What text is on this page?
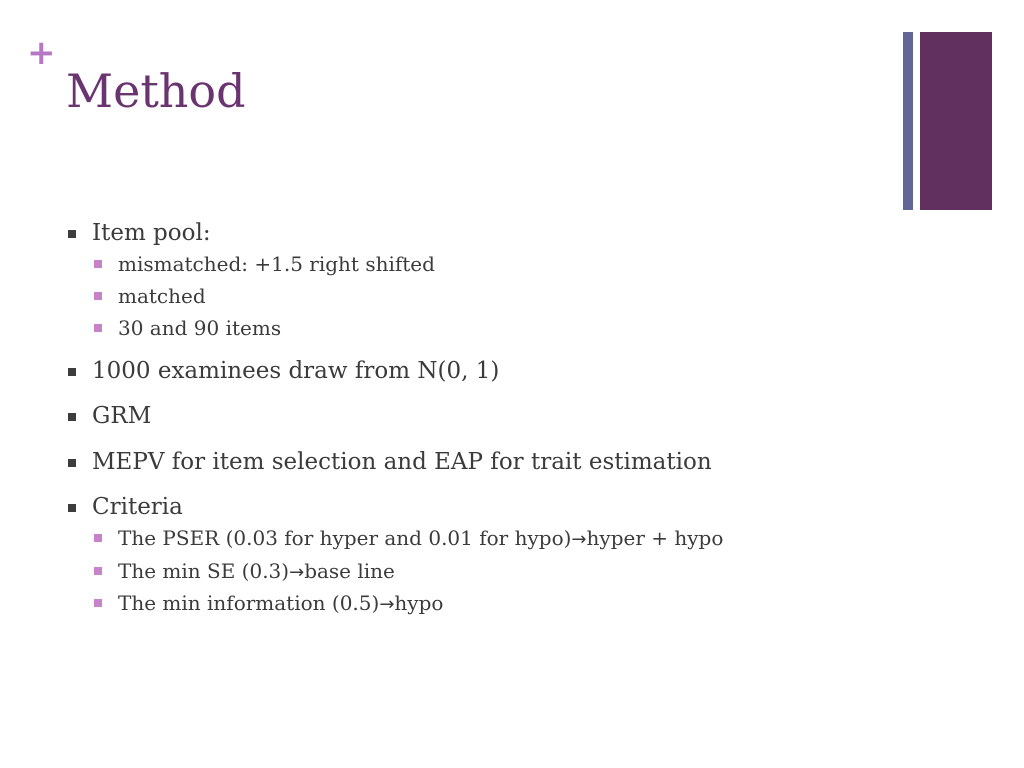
+
Method
Item pool:
mismatched: +1.5 right shifted
matched
30 and 90 items
1000 examinees draw from N(0, 1)
GRM
MEPV for item selection and EAP for trait estimation
Criteria
The PSER (0.03 for hyper and 0.01 for hypo)→hyper + hypo
The min SE (0.3)→base line
The min information (0.5)→hypo
